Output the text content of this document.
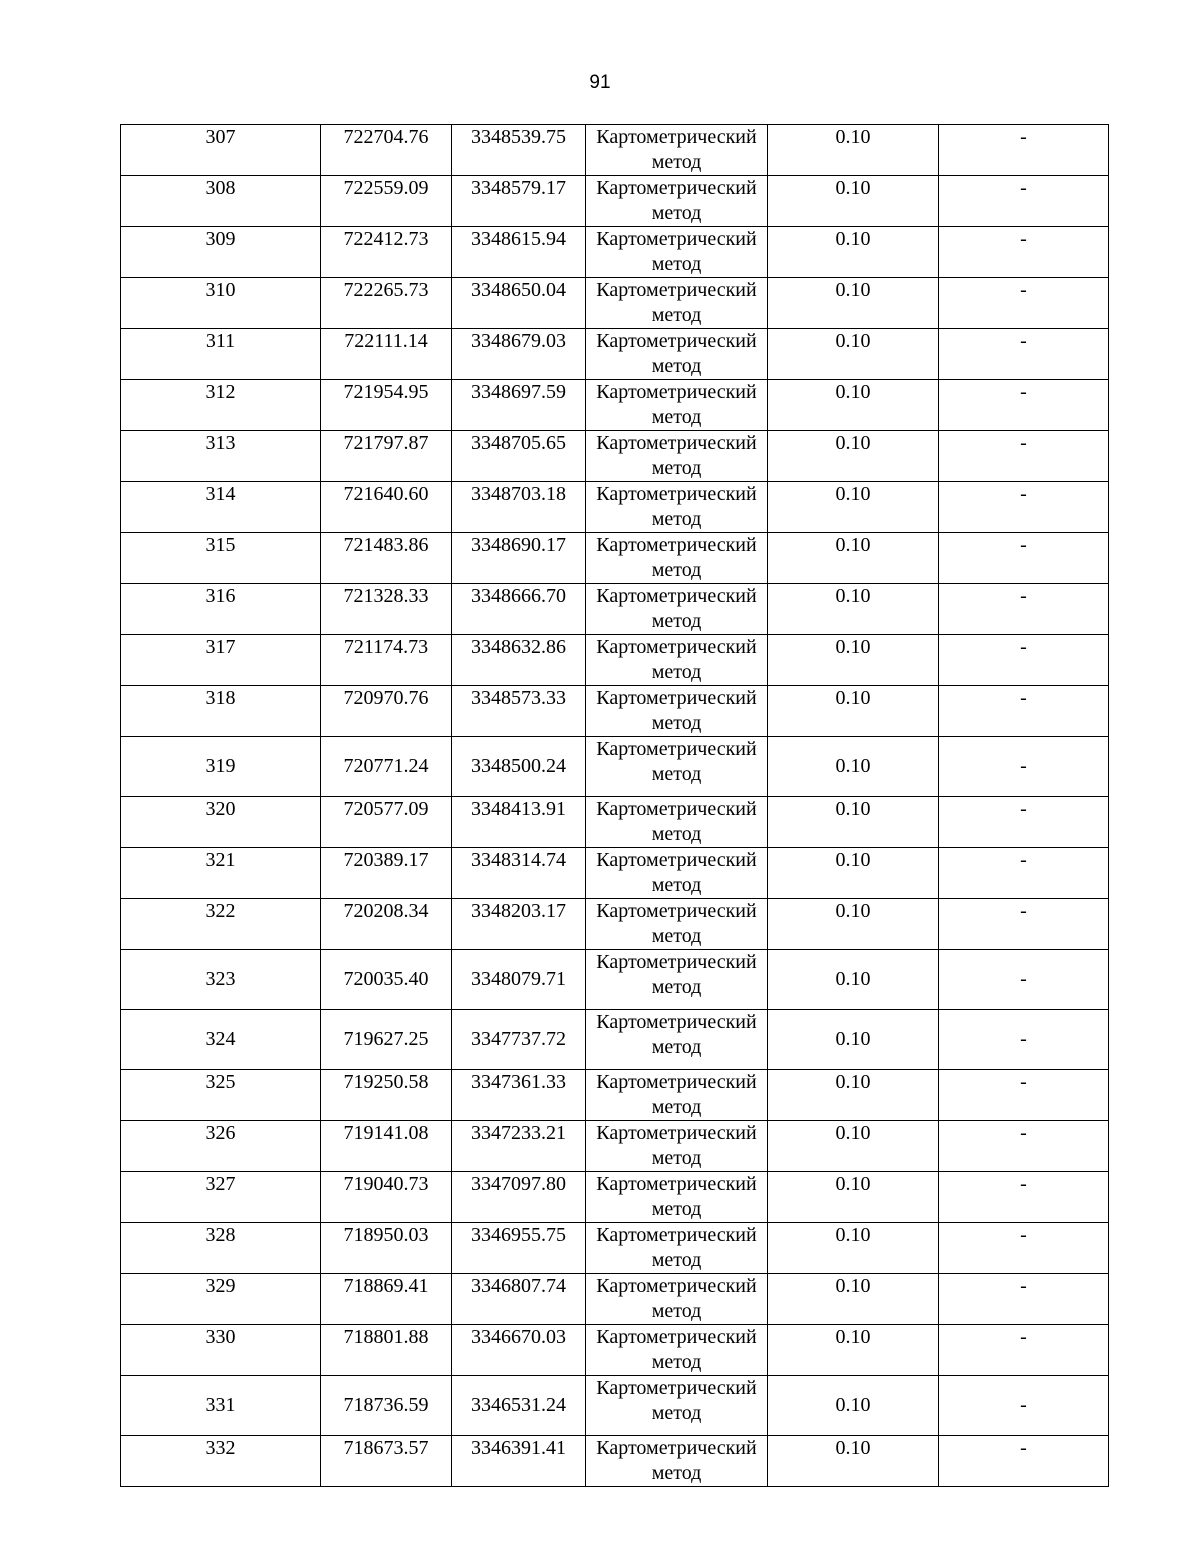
91
307	722704.76	3348539.75	Картометрический метод	0.10	-
308	722559.09	3348579.17	Картометрический метод	0.10	-
309	722412.73	3348615.94	Картометрический метод	0.10	-
310	722265.73	3348650.04	Картометрический метод	0.10	-
311	722111.14	3348679.03	Картометрический метод	0.10	-
312	721954.95	3348697.59	Картометрический метод	0.10	-
313	721797.87	3348705.65	Картометрический метод	0.10	-
314	721640.60	3348703.18	Картометрический метод	0.10	-
315	721483.86	3348690.17	Картометрический метод	0.10	-
316	721328.33	3348666.70	Картометрический метод	0.10	-
317	721174.73	3348632.86	Картометрический метод	0.10	-
318	720970.76	3348573.33	Картометрический метод	0.10	-
319	720771.24	3348500.24	Картометрический метод	0.10	-
320	720577.09	3348413.91	Картометрический метод	0.10	-
321	720389.17	3348314.74	Картометрический метод	0.10	-
322	720208.34	3348203.17	Картометрический метод	0.10	-
323	720035.40	3348079.71	Картометрический метод	0.10	-
324	719627.25	3347737.72	Картометрический метод	0.10	-
325	719250.58	3347361.33	Картометрический метод	0.10	-
326	719141.08	3347233.21	Картометрический метод	0.10	-
327	719040.73	3347097.80	Картометрический метод	0.10	-
328	718950.03	3346955.75	Картометрический метод	0.10	-
329	718869.41	3346807.74	Картометрический метод	0.10	-
330	718801.88	3346670.03	Картометрический метод	0.10	-
331	718736.59	3346531.24	Картометрический метод	0.10	-
332	718673.57	3346391.41	Картометрический метод	0.10	-
